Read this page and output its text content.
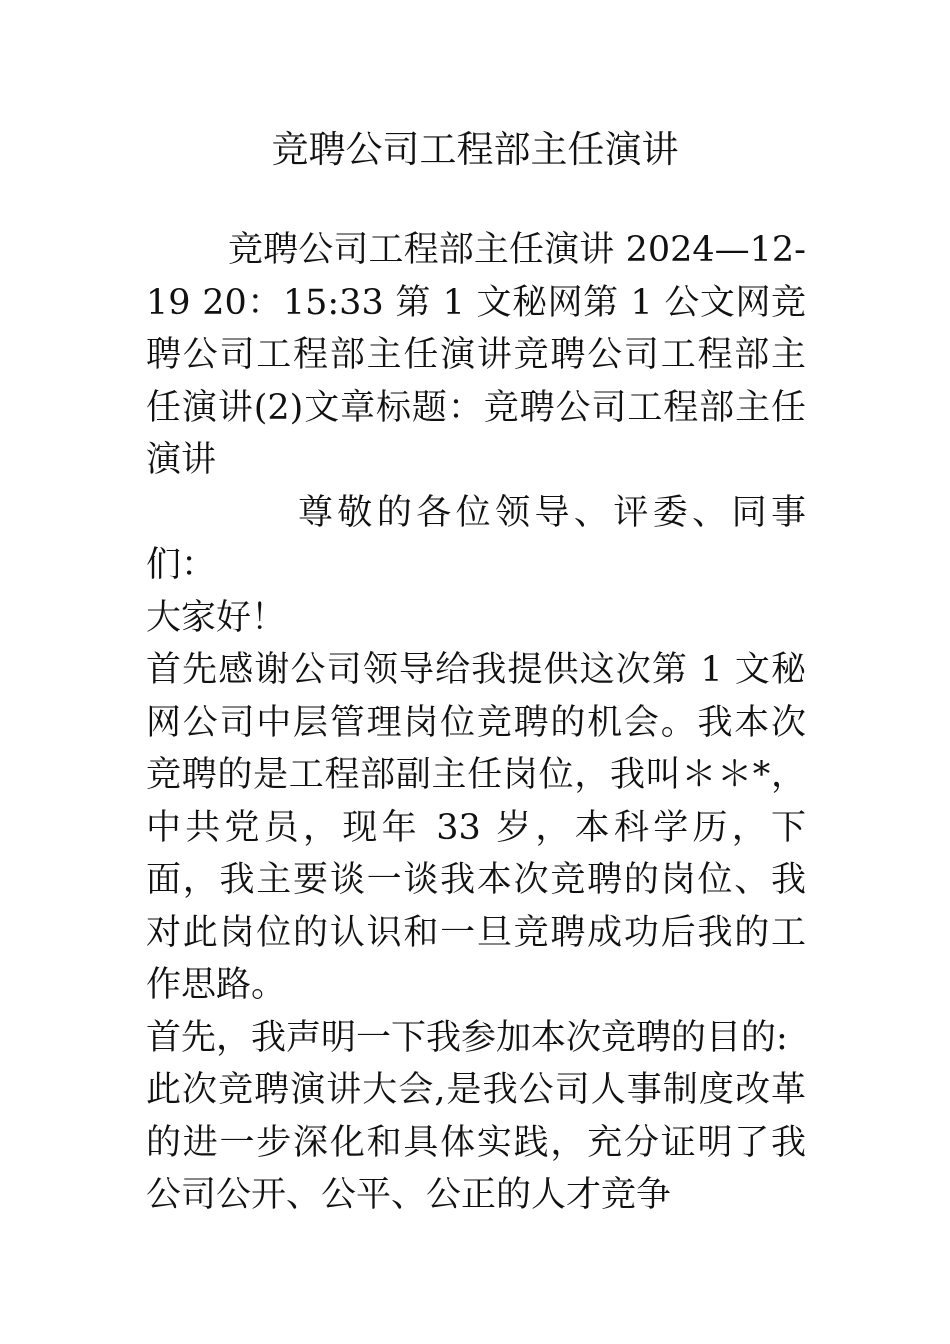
竞聘公司工程部主任演讲

竞聘公司工程部主任演讲 2024—12-19 20：15:33 第 1 文秘网第 1 公文网竞聘公司工程部主任演讲竞聘公司工程部主任演讲(2)文章标题：竞聘公司工程部主任演讲

尊敬的各位领导、评委、同事们：

大家好！

首先感谢公司领导给我提供这次第 1 文秘网公司中层管理岗位竞聘的机会。我本次竞聘的是工程部副主任岗位，我叫＊＊*，中共党员，现年 33 岁，本科学历，下面，我主要谈一谈我本次竞聘的岗位、我对此岗位的认识和一旦竞聘成功后我的工作思路。

首先，我声明一下我参加本次竞聘的目的:

此次竞聘演讲大会,是我公司人事制度改革的进一步深化和具体实践，充分证明了我公司公开、公平、公正的人才竞争
